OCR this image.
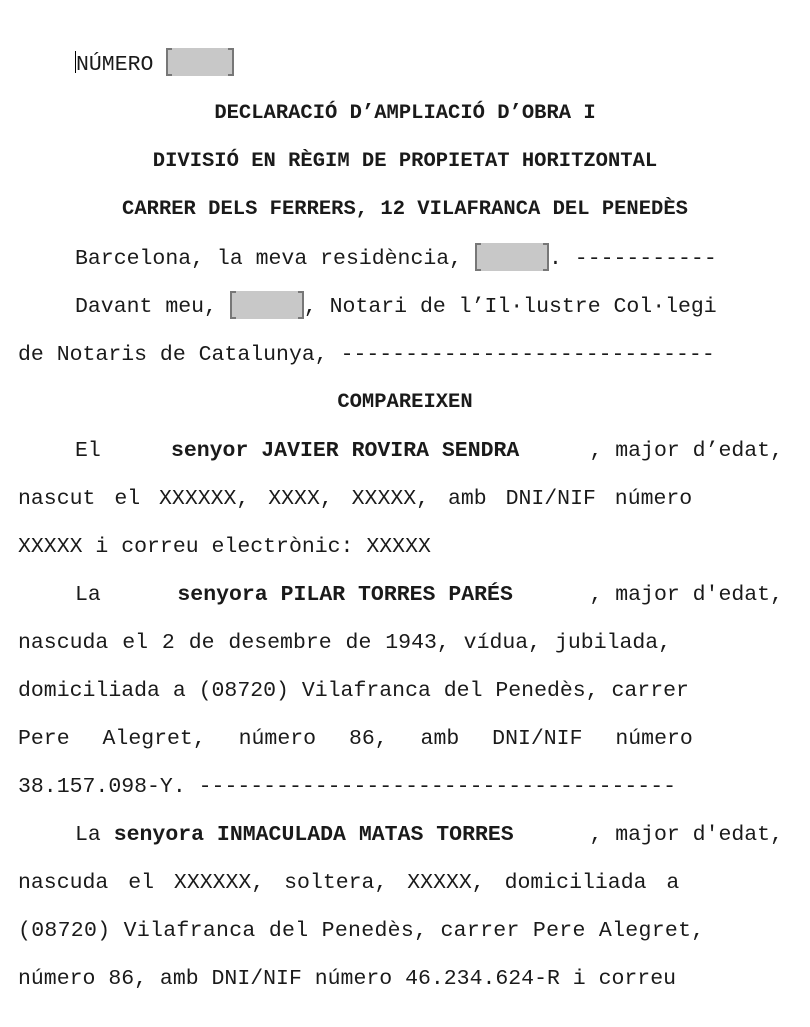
NÚMERO
DECLARACIÓ D’AMPLIACIÓ D’OBRA I
DIVISIÓ EN RÈGIM DE PROPIETAT HORITZONTAL
CARRER DELS FERRERS, 12 VILAFRANCA DEL PENEDÈS
Barcelona, la meva residència,
	.
-----------
Davant meu,
	, Notari de l’Il·lustre Col·legi
de Notaris de Catalunya,
-----------------------------
COMPAREIXEN
El	senyor JAVIER ROVIRA SENDRA	, major d’edat,
nascut el XXXXXX, XXXX, XXXXX, amb DNI/NIF número
XXXXX i correu electrònic: XXXXX
La	senyora PILAR TORRES PARÉS	, major d'edat,
nascuda el 2 de desembre de 1943, vídua, jubilada,
domiciliada a (08720) Vilafranca del Penedès, carrer
Pere Alegret, número 86, amb DNI/NIF número
38.157.098-Y.
-------------------------------------
La
senyora INMACULADA MATAS TORRES	, major d'edat,
nascuda el XXXXXX, soltera, XXXXX, domiciliada a
(08720) Vilafranca del Penedès, carrer Pere Alegret,
número 86, amb DNI/NIF número 46.234.624-R i correu
